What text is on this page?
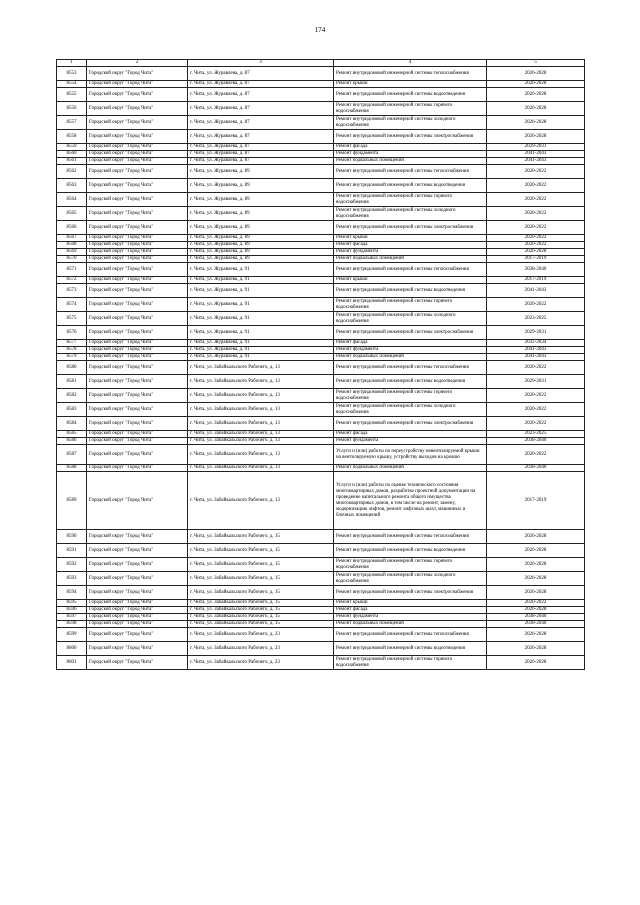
174
1	2	3	4	5
8553	Городской округ "Город Чита"	г. Чита, ул. Журавлева, д. 87	Ремонт внутридомовой инженерной системы теплоснабжения	2026-2028
8554	Городской округ "Город Чита"	г. Чита, ул. Журавлева, д. 87	Ремонт крыши	2026-2028
8555	Городской округ "Город Чита"	г. Чита, ул. Журавлева, д. 87	Ремонт внутридомовой инженерной системы водоотведения	2026-2028
8556	Городской округ "Город Чита"	г. Чита, ул. Журавлева, д. 87	Ремонт внутридомовой инженерной системы горячего водоснабжения	2026-2028
8557	Городской округ "Город Чита"	г. Чита, ул. Журавлева, д. 87	Ремонт внутридомовой инженерной системы холодного водоснабжения	2026-2028
8558	Городской округ "Город Чита"	г. Чита, ул. Журавлева, д. 87	Ремонт внутридомовой инженерной системы электроснабжения	2026-2028
8559	Городской округ "Город Чита"	г. Чита, ул. Журавлева, д. 87	Ремонт фасада	2029-2031
8560	Городской округ "Город Чита"	г. Чита, ул. Журавлева, д. 87	Ремонт фундамента	2041-2043
8561	Городской округ "Город Чита"	г. Чита, ул. Журавлева, д. 87	Ремонт подвальных помещений	2041-2043
8562	Городской округ "Город Чита"	г. Чита, ул. Журавлева, д. 89	Ремонт внутридомовой инженерной системы теплоснабжения	2020-2022
8563	Городской округ "Город Чита"	г. Чита, ул. Журавлева, д. 89	Ремонт внутридомовой инженерной системы водоотведения	2020-2022
8564	Городской округ "Город Чита"	г. Чита, ул. Журавлева, д. 89	Ремонт внутридомовой инженерной системы горячего водоснабжения	2020-2022
8565	Городской округ "Город Чита"	г. Чита, ул. Журавлева, д. 89	Ремонт внутридомовой инженерной системы холодного водоснабжения	2020-2022
8566	Городской округ "Город Чита"	г. Чита, ул. Журавлева, д. 89	Ремонт внутридомовой инженерной системы электроснабжения	2020-2022
8567	Городской округ "Город Чита"	г. Чита, ул. Журавлева, д. 89	Ремонт крыши	2020-2022
8568	Городской округ "Город Чита"	г. Чита, ул. Журавлева, д. 89	Ремонт фасада	2020-2022
8569	Городской округ "Город Чита"	г. Чита, ул. Журавлева, д. 89	Ремонт фундамента	2026-2028
8570	Городской округ "Город Чита"	г. Чита, ул. Журавлева, д. 89	Ремонт подвальных помещений	2017-2019
8571	Городской округ "Город Чита"	г. Чита, ул. Журавлева, д. 91	Ремонт внутридомовой инженерной системы теплоснабжения	2038-2040
8572	Городской округ "Город Чита"	г. Чита, ул. Журавлева, д. 91	Ремонт крыши	2017-2019
8573	Городской округ "Город Чита"	г. Чита, ул. Журавлева, д. 91	Ремонт внутридомовой инженерной системы водоотведения	2041-2043
8574	Городской округ "Город Чита"	г. Чита, ул. Журавлева, д. 91	Ремонт внутридомовой инженерной системы горячего водоснабжения	2020-2022
8575	Городской округ "Город Чита"	г. Чита, ул. Журавлева, д. 91	Ремонт внутридомовой инженерной системы холодного водоснабжения	2023-2025
8576	Городской округ "Город Чита"	г. Чита, ул. Журавлева, д. 91	Ремонт внутридомовой инженерной системы электроснабжения	2029-2031
8577	Городской округ "Город Чита"	г. Чита, ул. Журавлева, д. 91	Ремонт фасада	2032-2034
8578	Городской округ "Город Чита"	г. Чита, ул. Журавлева, д. 91	Ремонт фундамента	2041-2043
8579	Городской округ "Город Чита"	г. Чита, ул. Журавлева, д. 91	Ремонт подвальных помещений	2041-2043
8580	Городской округ "Город Чита"	г. Чита, ул. Забайкальского Рабочего, д. 13	Ремонт внутридомовой инженерной системы теплоснабжения	2020-2022
8581	Городской округ "Город Чита"	г. Чита, ул. Забайкальского Рабочего, д. 13	Ремонт внутридомовой инженерной системы водоотведения	2029-2031
8582	Городской округ "Город Чита"	г. Чита, ул. Забайкальского Рабочего, д. 13	Ремонт внутридомовой инженерной системы горячего водоснабжения	2020-2022
8583	Городской округ "Город Чита"	г. Чита, ул. Забайкальского Рабочего, д. 13	Ремонт внутридомовой инженерной системы холодного водоснабжения	2020-2022
8584	Городской округ "Город Чита"	г. Чита, ул. Забайкальского Рабочего, д. 13	Ремонт внутридомовой инженерной системы электроснабжения	2020-2022
8585	Городской округ "Город Чита"	г. Чита, ул. Забайкальского Рабочего, д. 13	Ремонт фасада	2023-2025
8586	Городской округ "Город Чита"	г. Чита, ул. Забайкальского Рабочего, д. 13	Ремонт фундамента	2038-2040
8587	Городской округ "Город Чита"	г. Чита, ул. Забайкальского Рабочего, д. 13	Услуги и (или) работы по переустройству невентилируемой крыши на вентилируемую крышу, устройству выходов на кровлю	2020-2022
8588	Городской округ "Город Чита"	г. Чита, ул. Забайкальского Рабочего, д. 13	Ремонт подвальных помещений	2038-2040
8589	Городской округ "Город Чита"	г. Чита, ул. Забайкальского Рабочего, д. 13	Услуги и (или) работы по оценке технического состояния многоквартирных домов, разработке проектной документации на проведение капитального ремонта общего имущества многоквартирных домов, в том числе на ремонт, замену, модернизацию лифтов, ремонт лифтовых шахт, машинных и блочных помещений	2017-2019
8590	Городской округ "Город Чита"	г. Чита, ул. Забайкальского Рабочего, д. 15	Ремонт внутридомовой инженерной системы теплоснабжения	2026-2028
8591	Городской округ "Город Чита"	г. Чита, ул. Забайкальского Рабочего, д. 15	Ремонт внутридомовой инженерной системы водоотведения	2026-2028
8592	Городской округ "Город Чита"	г. Чита, ул. Забайкальского Рабочего, д. 15	Ремонт внутридомовой инженерной системы горячего водоснабжения	2026-2028
8593	Городской округ "Город Чита"	г. Чита, ул. Забайкальского Рабочего, д. 15	Ремонт внутридомовой инженерной системы холодного водоснабжения	2026-2028
8594	Городской округ "Город Чита"	г. Чита, ул. Забайкальского Рабочего, д. 15	Ремонт внутридомовой инженерной системы электроснабжения	2026-2028
8595	Городской округ "Город Чита"	г. Чита, ул. Забайкальского Рабочего, д. 15	Ремонт крыши	2020-2022
8596	Городской округ "Город Чита"	г. Чита, ул. Забайкальского Рабочего, д. 15	Ремонт фасада	2026-2028
8597	Городской округ "Город Чита"	г. Чита, ул. Забайкальского Рабочего, д. 15	Ремонт фундамента	2038-2040
8598	Городской округ "Город Чита"	г. Чита, ул. Забайкальского Рабочего, д. 15	Ремонт подвальных помещений	2038-2040
8599	Городской округ "Город Чита"	г. Чита, ул. Забайкальского Рабочего, д. 23	Ремонт внутридомовой инженерной системы теплоснабжения	2026-2028
8600	Городской округ "Город Чита"	г. Чита, ул. Забайкальского Рабочего, д. 23	Ремонт внутридомовой инженерной системы водоотведения	2026-2028
8601	Городской округ "Город Чита"	г. Чита, ул. Забайкальского Рабочего, д. 23	Ремонт внутридомовой инженерной системы горячего водоснабжения	2026-2028
